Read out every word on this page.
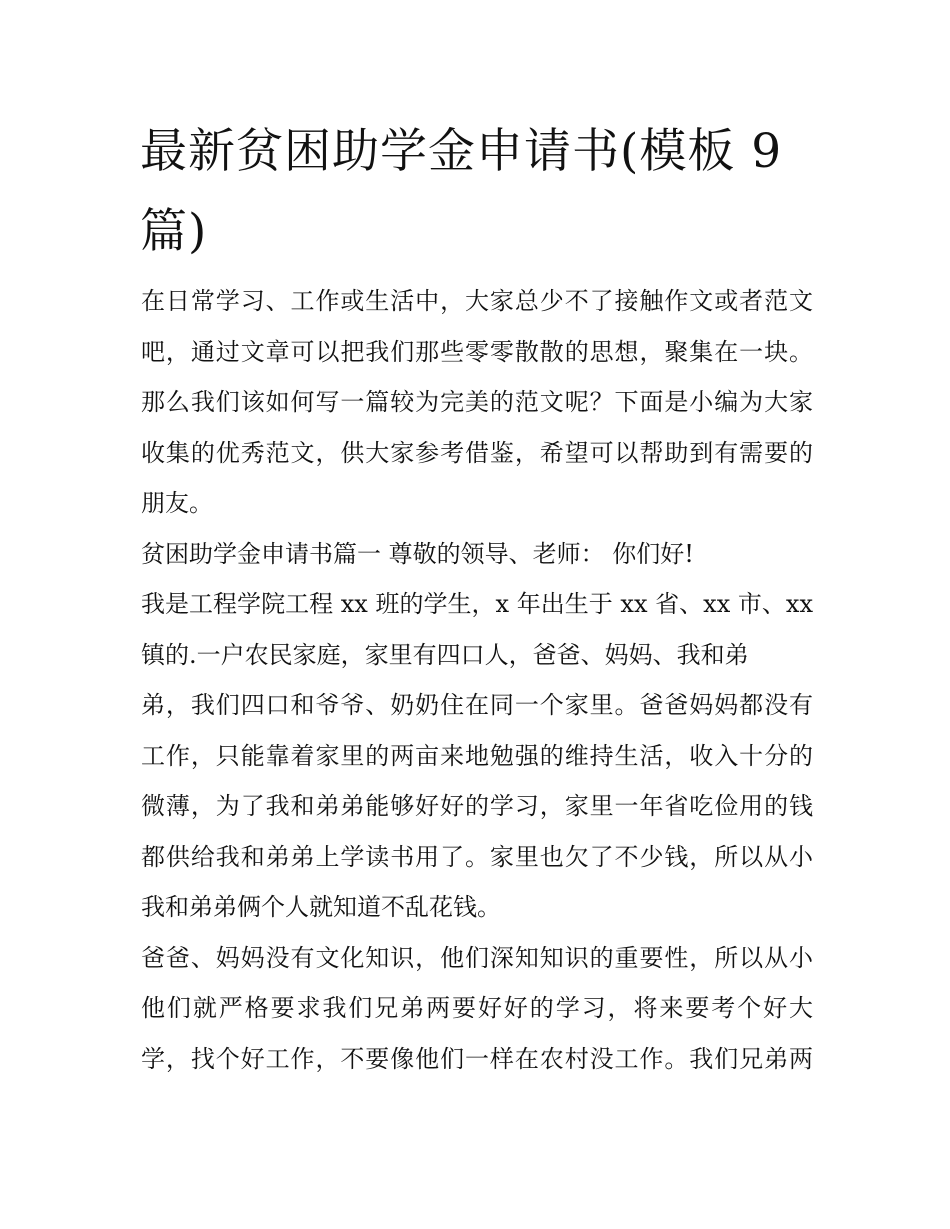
最新贫困助学金申请书(模板 9
篇)

在日常学习、工作或生活中，大家总少不了接触作文或者范文
吧，通过文章可以把我们那些零零散散的思想，聚集在一块。
那么我们该如何写一篇较为完美的范文呢？下面是小编为大家
收集的优秀范文，供大家参考借鉴，希望可以帮助到有需要的
朋友。

贫困助学金申请书篇一 尊敬的领导、老师： 你们好!

我是工程学院工程 xx 班的学生，x 年出生于 xx 省、xx 市、xx
镇的.一户农民家庭，家里有四口人，爸爸、妈妈、我和弟
弟，我们四口和爷爷、奶奶住在同一个家里。爸爸妈妈都没有
工作，只能靠着家里的两亩来地勉强的维持生活，收入十分的
微薄，为了我和弟弟能够好好的学习，家里一年省吃俭用的钱
都供给我和弟弟上学读书用了。家里也欠了不少钱，所以从小
我和弟弟俩个人就知道不乱花钱。

爸爸、妈妈没有文化知识，他们深知知识的重要性，所以从小
他们就严格要求我们兄弟两要好好的学习，将来要考个好大
学，找个好工作，不要像他们一样在农村没工作。我们兄弟两
